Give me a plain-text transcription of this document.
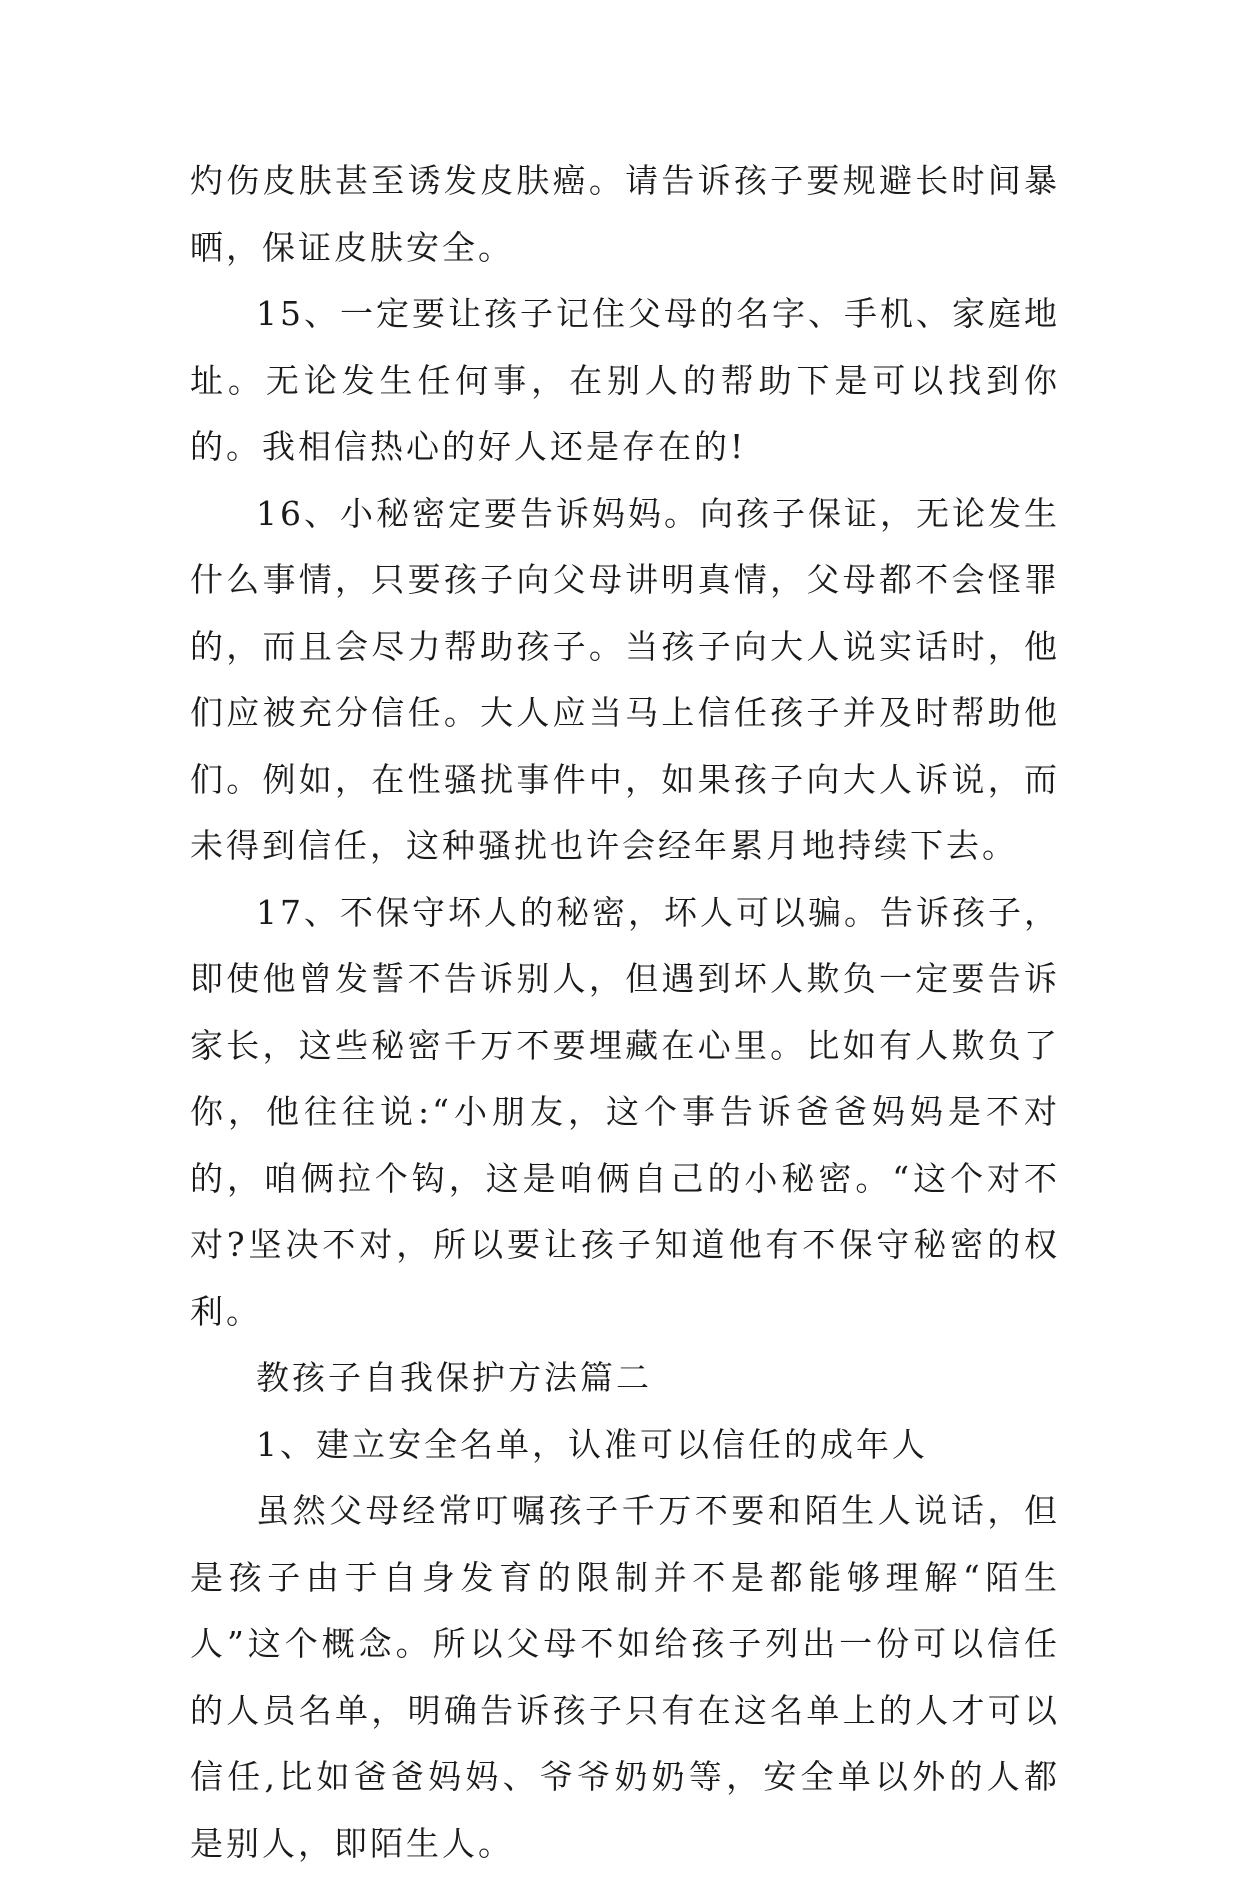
灼伤皮肤甚至诱发皮肤癌。请告诉孩子要规避长时间暴晒，保证皮肤安全。

15、一定要让孩子记住父母的名字、手机、家庭地址。无论发生任何事，在别人的帮助下是可以找到你的。我相信热心的好人还是存在的!

16、小秘密定要告诉妈妈。向孩子保证，无论发生什么事情，只要孩子向父母讲明真情，父母都不会怪罪的，而且会尽力帮助孩子。当孩子向大人说实话时，他们应被充分信任。大人应当马上信任孩子并及时帮助他们。例如，在性骚扰事件中，如果孩子向大人诉说，而未得到信任，这种骚扰也许会经年累月地持续下去。

17、不保守坏人的秘密，坏人可以骗。告诉孩子，即使他曾发誓不告诉别人，但遇到坏人欺负一定要告诉家长，这些秘密千万不要埋藏在心里。比如有人欺负了你，他往往说:“小朋友，这个事告诉爸爸妈妈是不对的，咱俩拉个钩，这是咱俩自己的小秘密。“这个对不对?坚决不对，所以要让孩子知道他有不保守秘密的权利。

教孩子自我保护方法篇二

1、建立安全名单，认准可以信任的成年人

虽然父母经常叮嘱孩子千万不要和陌生人说话，但是孩子由于自身发育的限制并不是都能够理解“陌生人”这个概念。所以父母不如给孩子列出一份可以信任的人员名单，明确告诉孩子只有在这名单上的人才可以信任,比如爸爸妈妈、爷爷奶奶等，安全单以外的人都是别人，即陌生人。
